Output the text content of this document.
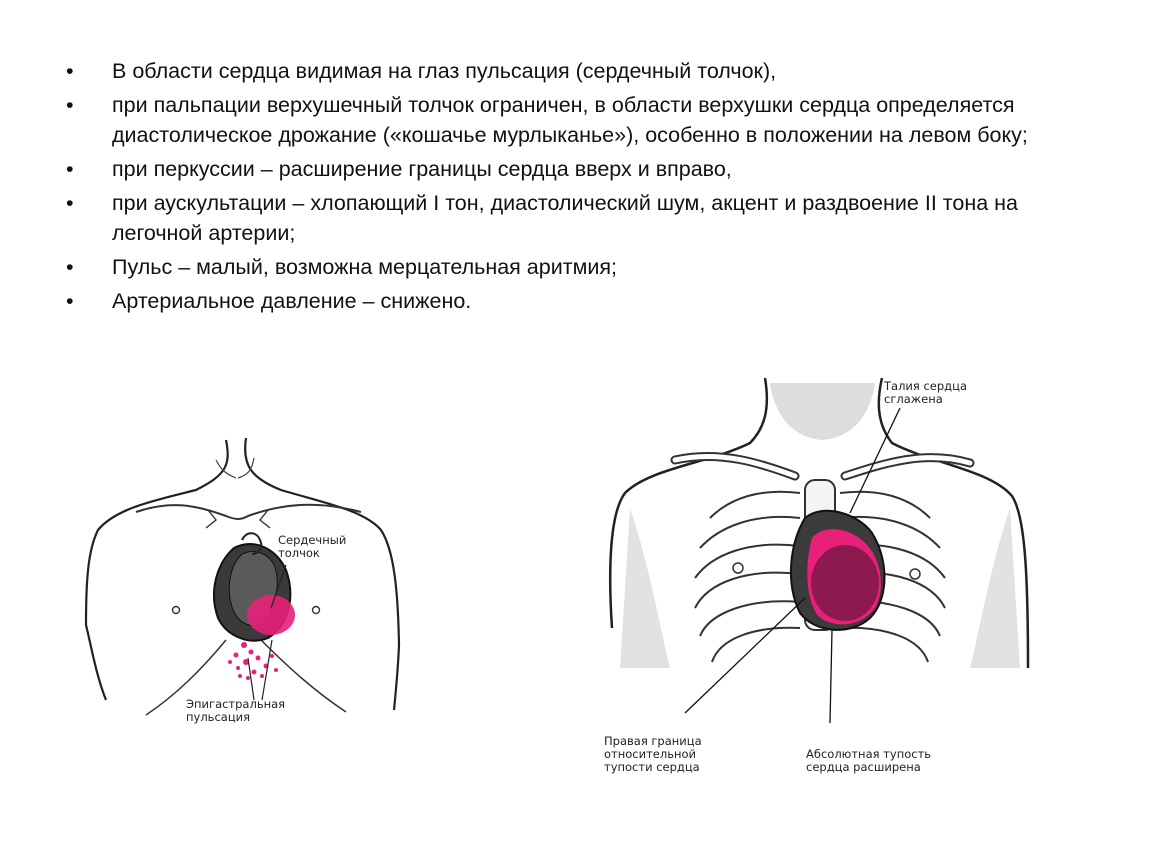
• В области сердца видимая на глаз пульсация (сердечный толчок),
• при пальпации верхушечный толчок ограничен, в области верхушки сердца определяется диастолическое дрожание («кошачье мурлыканье»), особенно в положении на левом боку;
• при перкуссии – расширение границы сердца вверх и вправо,
• при аускультации – хлопающий I тон, диастолический шум, акцент и раздвоение II тона на легочной артерии;
• Пульс – малый, возможна мерцательная аритмия;
• Артериальное давление – снижено.
Сердечный
толчок
Эпигастральная
пульсация
Талия сердца
сглажена
Правая граница
относительной
тупости сердца
Абсолютная тупость
сердца расширена
